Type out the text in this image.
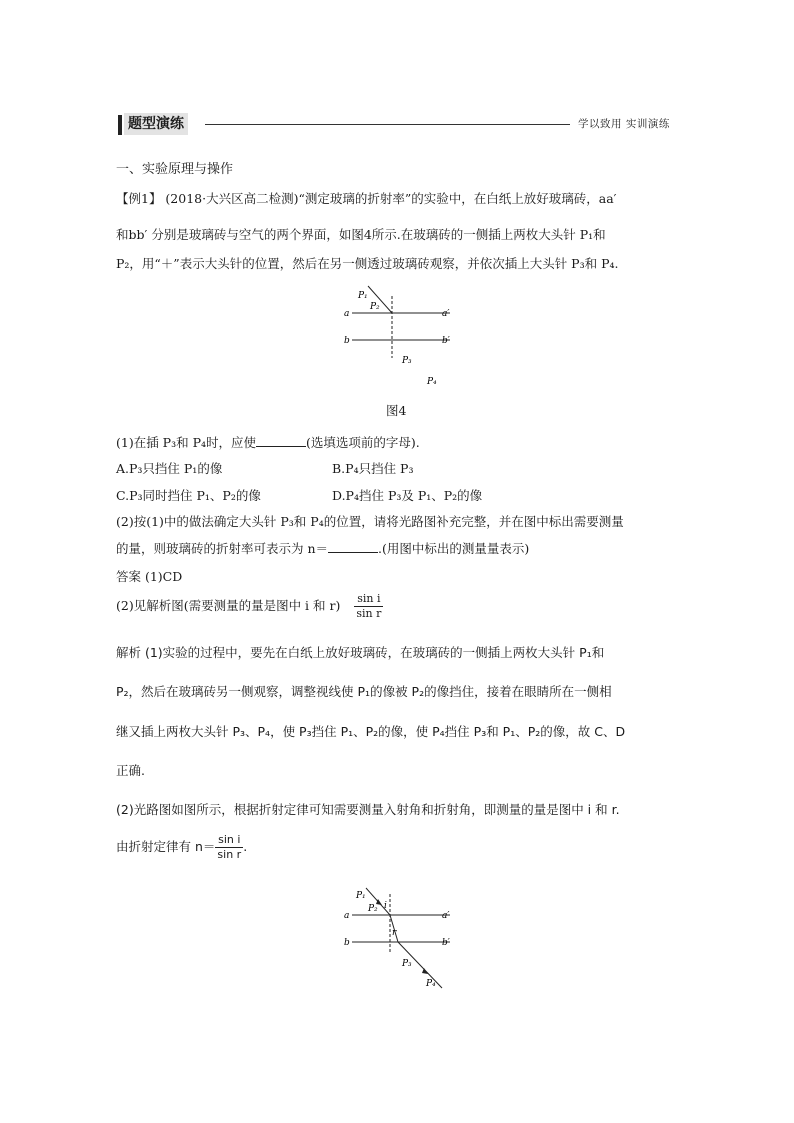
题型演练	学以致用 实训演练
一、实验原理与操作
【例1】 (2018·大兴区高二检测)“测定玻璃的折射率”的实验中，在白纸上放好玻璃砖，aa′
和bb′ 分别是玻璃砖与空气的两个界面，如图4所示.在玻璃砖的一侧插上两枚大头针 P₁和
P₂，用“＋”表示大头针的位置，然后在另一侧透过玻璃砖观察，并依次插上大头针 P₃和 P₄.
P₁
P₂
a	a′
b	b′
P₃
P₄
图4
(1)在插 P₃和 P₄时，应使	(选填选项前的字母).
A.P₃只挡住 P₁的像	B.P₄只挡住 P₃
C.P₃同时挡住 P₁、P₂的像	D.P₄挡住 P₃及 P₁、P₂的像
(2)按(1)中的做法确定大头针 P₃和 P₄的位置，请将光路图补充完整，并在图中标出需要测量
的量，则玻璃砖的折射率可表示为 n＝	.(用图中标出的测量量表示)
答案 (1)CD
(2)见解析图(需要测量的量是图中 i 和 $r) \frac{\text{sin i}}{\text{sin r}}$
解析 (1)实验的过程中，要先在白纸上放好玻璃砖，在玻璃砖的一侧插上两枚大头针 P₁和
P₂，然后在玻璃砖另一侧观察，调整视线使 P₁的像被 P₂的像挡住，接着在眼睛所在一侧相
继又插上两枚大头针 P₃、P₄，使 P₃挡住 P₁、P₂的像，使 P₄挡住 P₃和 P₁、P₂的像，故 C、D
正确.
(2)光路图如图所示，根据折射定律可知需要测量入射角和折射角，即测量的量是图中 i 和 r.
由折射定律有 $n= \frac{\text{sin i}}{\text{sin r}}$ .
P₁
P₂ i
r
a	a′
b	b′
P₃
P₄
